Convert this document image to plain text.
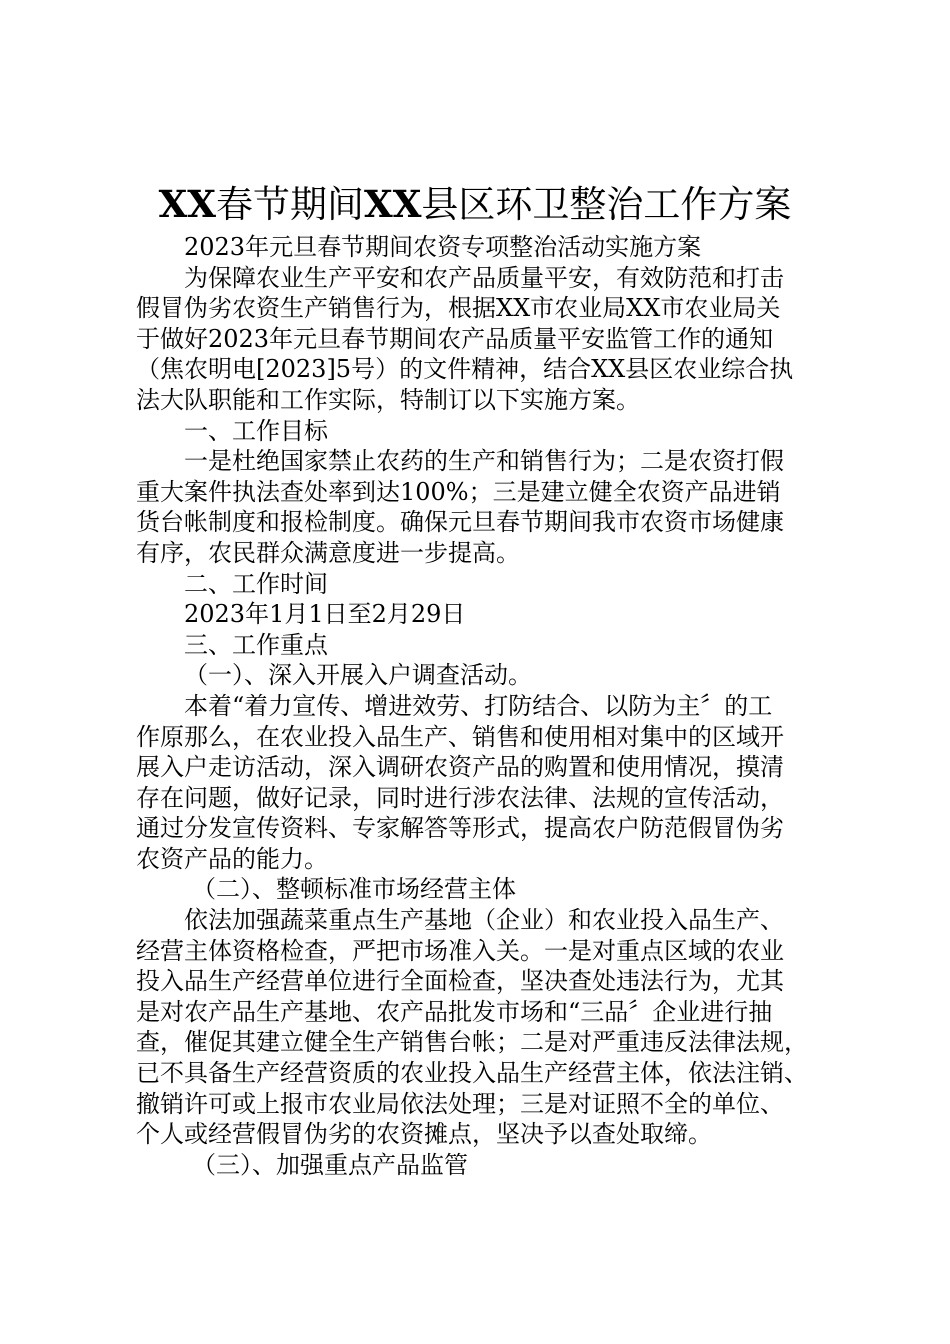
XX春节期间XX县区环卫整治工作方案
2023年元旦春节期间农资专项整治活动实施方案
为保障农业生产平安和农产品质量平安，有效防范和打击
假冒伪劣农资生产销售行为，根据XX市农业局XX市农业局关
于做好2023年元旦春节期间农产品质量平安监管工作的通知
（焦农明电[2023]5号）的文件精神，结合XX县区农业综合执
法大队职能和工作实际，特制订以下实施方案。
一、工作目标
一是杜绝国家禁止农药的生产和销售行为；二是农资打假
重大案件执法查处率到达100%；三是建立健全农资产品进销
货台帐制度和报检制度。确保元旦春节期间我市农资市场健康
有序，农民群众满意度进一步提高。
二、工作时间
2023年1月1日至2月29日
三、工作重点
（一）、深入开展入户调查活动。
本着“着力宣传、增进效劳、打防结合、以防为主〞的工
作原那么，在农业投入品生产、销售和使用相对集中的区域开
展入户走访活动，深入调研农资产品的购置和使用情况，摸清
存在问题，做好记录，同时进行涉农法律、法规的宣传活动，
通过分发宣传资料、专家解答等形式，提高农户防范假冒伪劣
农资产品的能力。
（二）、整顿标准市场经营主体
依法加强蔬菜重点生产基地（企业）和农业投入品生产、
经营主体资格检查，严把市场准入关。一是对重点区域的农业
投入品生产经营单位进行全面检查，坚决查处违法行为，尤其
是对农产品生产基地、农产品批发市场和“三品〞企业进行抽
查，催促其建立健全生产销售台帐；二是对严重违反法律法规，
已不具备生产经营资质的农业投入品生产经营主体，依法注销、
撤销许可或上报市农业局依法处理；三是对证照不全的单位、
个人或经营假冒伪劣的农资摊点，坚决予以查处取缔。
（三）、加强重点产品监管
